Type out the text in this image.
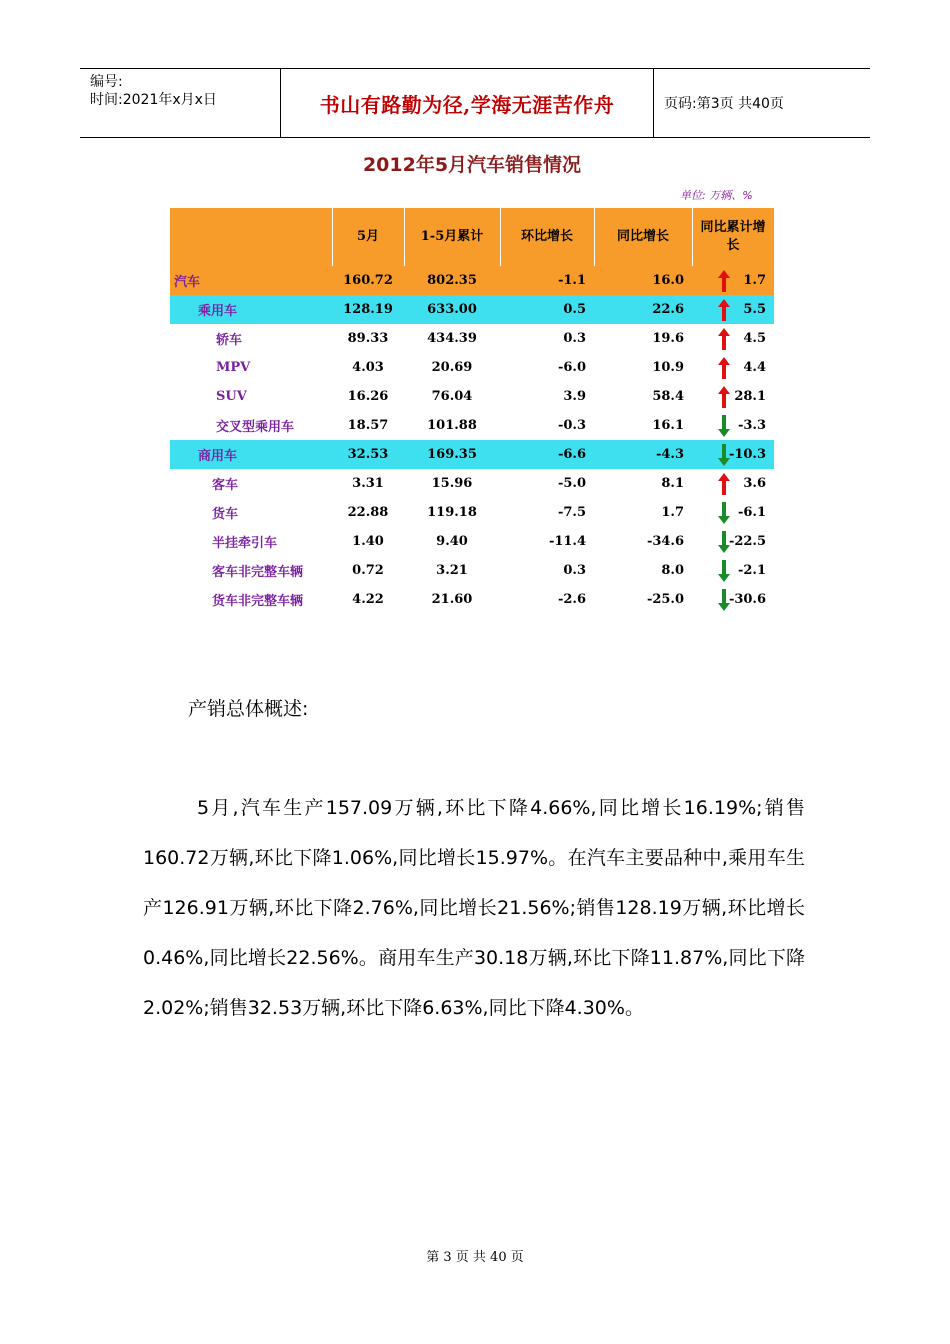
编号:
时间:2021年x月x日	书山有路勤为径,学海无涯苦作舟	页码:第3页 共40页
2012年5月汽车销售情况
单位: 万辆、%
	5月	1-5月累计	环比增长	同比增长	同比累计增长
汽车	160.72	802.35	-1.1	16.0	1.7
乘用车	128.19	633.00	0.5	22.6	5.5
轿车	89.33	434.39	0.3	19.6	4.5
MPV	4.03	20.69	-6.0	10.9	4.4
SUV	16.26	76.04	3.9	58.4	28.1
交叉型乘用车	18.57	101.88	-0.3	16.1	-3.3
商用车	32.53	169.35	-6.6	-4.3	-10.3
客车	3.31	15.96	-5.0	8.1	3.6
货车	22.88	119.18	-7.5	1.7	-6.1
半挂牵引车	1.40	9.40	-11.4	-34.6	-22.5
客车非完整车辆	0.72	3.21	0.3	8.0	-2.1
货车非完整车辆	4.22	21.60	-2.6	-25.0	-30.6
产销总体概述:

5月,汽车生产157.09万辆,环比下降4.66%,同比增长16.19%;销售160.72万辆,环比下降1.06%,同比增长15.97%。在汽车主要品种中,乘用车生产126.91万辆,环比下降2.76%,同比增长21.56%;销售128.19万辆,环比增长0.46%,同比增长22.56%。商用车生产30.18万辆,环比下降11.87%,同比下降2.02%;销售32.53万辆,环比下降6.63%,同比下降4.30%。

第 3 页 共 40 页
